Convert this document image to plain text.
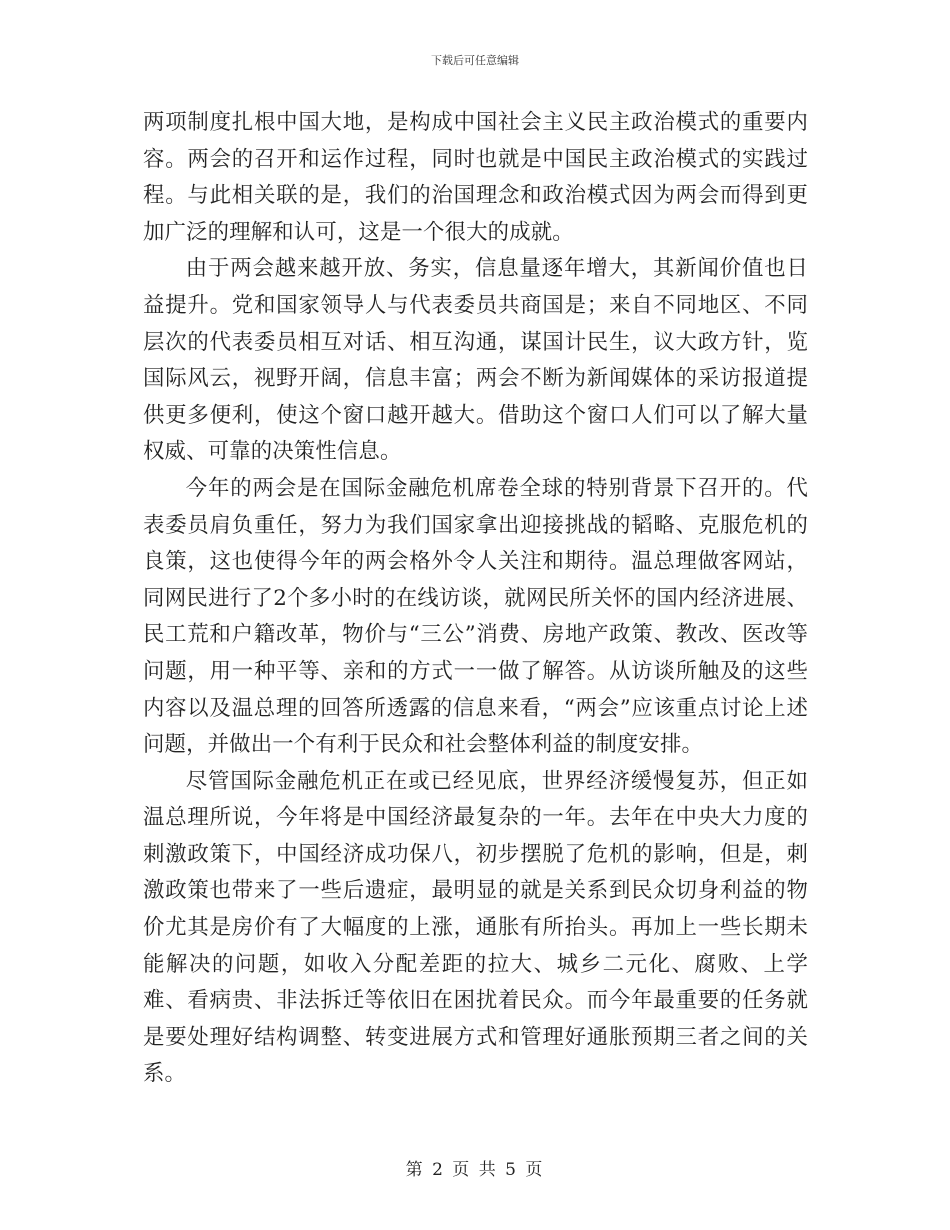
下载后可任意编辑

两项制度扎根中国大地，是构成中国社会主义民主政治模式的重要内容。两会的召开和运作过程，同时也就是中国民主政治模式的实践过程。与此相关联的是，我们的治国理念和政治模式因为两会而得到更加广泛的理解和认可，这是一个很大的成就。

由于两会越来越开放、务实，信息量逐年增大，其新闻价值也日益提升。党和国家领导人与代表委员共商国是；来自不同地区、不同层次的代表委员相互对话、相互沟通，谋国计民生，议大政方针，览国际风云，视野开阔，信息丰富；两会不断为新闻媒体的采访报道提供更多便利，使这个窗口越开越大。借助这个窗口人们可以了解大量权威、可靠的决策性信息。

今年的两会是在国际金融危机席卷全球的特别背景下召开的。代表委员肩负重任，努力为我们国家拿出迎接挑战的韬略、克服危机的良策，这也使得今年的两会格外令人关注和期待。温总理做客网站，同网民进行了2个多小时的在线访谈，就网民所关怀的国内经济进展、民工荒和户籍改革，物价与“三公”消费、房地产政策、教改、医改等问题，用一种平等、亲和的方式一一做了解答。从访谈所触及的这些内容以及温总理的回答所透露的信息来看，“两会”应该重点讨论上述问题，并做出一个有利于民众和社会整体利益的制度安排。

尽管国际金融危机正在或已经见底，世界经济缓慢复苏，但正如温总理所说，今年将是中国经济最复杂的一年。去年在中央大力度的刺激政策下，中国经济成功保八，初步摆脱了危机的影响，但是，刺激政策也带来了一些后遗症，最明显的就是关系到民众切身利益的物价尤其是房价有了大幅度的上涨，通胀有所抬头。再加上一些长期未能解决的问题，如收入分配差距的拉大、城乡二元化、腐败、上学难、看病贵、非法拆迁等依旧在困扰着民众。而今年最重要的任务就是要处理好结构调整、转变进展方式和管理好通胀预期三者之间的关系。

第 2 页 共 5 页
